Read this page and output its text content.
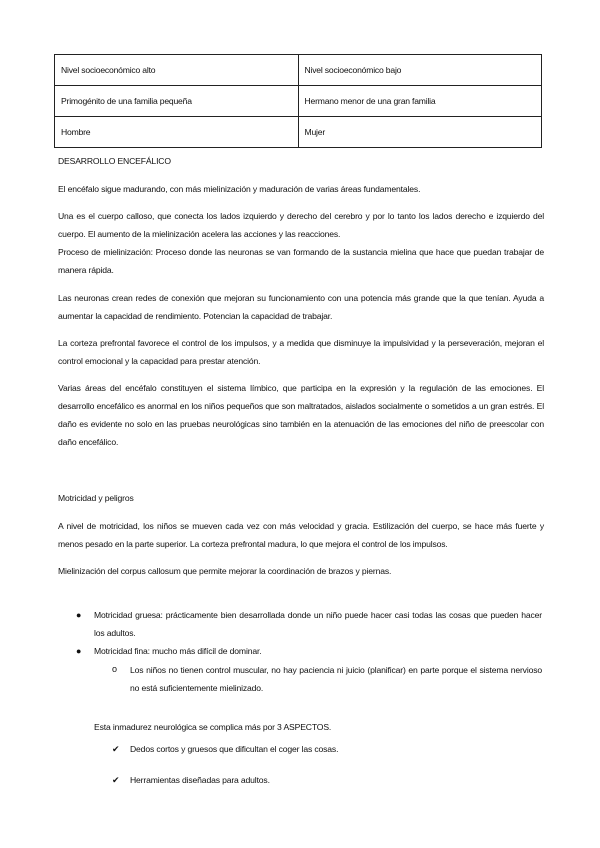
Nivel socioeconómico alto	Nivel socioeconómico bajo
Primogénito de una familia pequeña	Hermano menor de una gran familia
Hombre	Mujer
DESARROLLO ENCEFÁLICO
El encéfalo sigue madurando, con más mielinización y maduración de varias áreas fundamentales.
Una es el cuerpo calloso, que conecta los lados izquierdo y derecho del cerebro y por lo tanto los lados derecho e izquierdo del cuerpo. El aumento de la mielinización acelera las acciones y las reacciones.
Proceso de mielinización: Proceso donde las neuronas se van formando de la sustancia mielina que hace que puedan trabajar de manera rápida.
Las neuronas crean redes de conexión que mejoran su funcionamiento con una potencia más grande que la que tenían. Ayuda a aumentar la capacidad de rendimiento. Potencian la capacidad de trabajar.
La corteza prefrontal favorece el control de los impulsos, y a medida que disminuye la impulsividad y la perseveración, mejoran el control emocional y la capacidad para prestar atención.
Varias áreas del encéfalo constituyen el sistema límbico, que participa en la expresión y la regulación de las emociones. El desarrollo encefálico es anormal en los niños pequeños que son maltratados, aislados socialmente o sometidos a un gran estrés. El daño es evidente no solo en las pruebas neurológicas sino también en la atenuación de las emociones del niño de preescolar con daño encefálico.
Motricidad y peligros
A nivel de motricidad, los niños se mueven cada vez con más velocidad y gracia. Estilización del cuerpo, se hace más fuerte y menos pesado en la parte superior. La corteza prefrontal madura, lo que mejora el control de los impulsos.
Mielinización del corpus callosum que permite mejorar la coordinación de brazos y piernas.
● Motricidad gruesa: prácticamente bien desarrollada donde un niño puede hacer casi todas las cosas que pueden hacer los adultos.
● Motricidad fina: mucho más difícil de dominar.
o Los niños no tienen control muscular, no hay paciencia ni juicio (planificar) en parte porque el sistema nervioso no está suficientemente mielinizado.
Esta inmadurez neurológica se complica más por 3 ASPECTOS.
✔ Dedos cortos y gruesos que dificultan el coger las cosas.
✔ Herramientas diseñadas para adultos.
